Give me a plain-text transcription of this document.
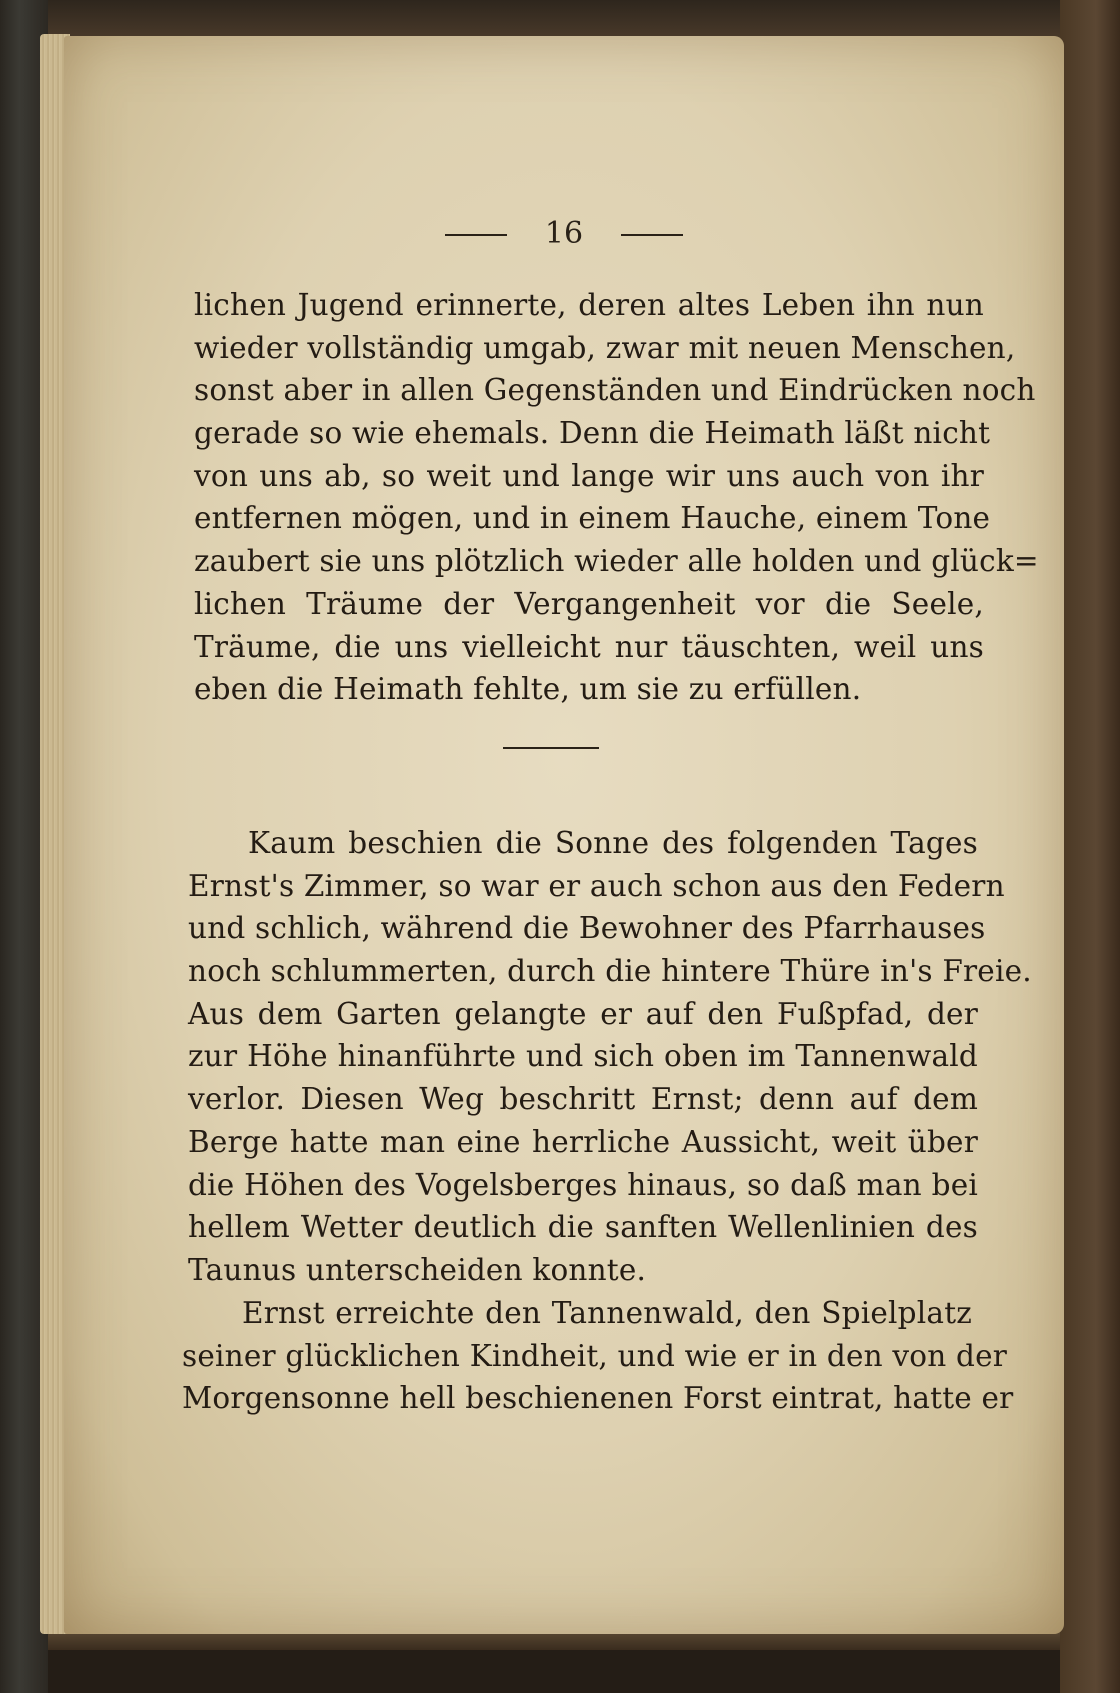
16
lichen Jugend erinnerte, deren altes Leben ihn nun
wieder vollständig umgab, zwar mit neuen Menschen,
sonst aber in allen Gegenständen und Eindrücken noch
gerade so wie ehemals. Denn die Heimath läßt nicht
von uns ab, so weit und lange wir uns auch von ihr
entfernen mögen, und in einem Hauche, einem Tone
zaubert sie uns plötzlich wieder alle holden und glück=
lichen Träume der Vergangenheit vor die Seele,
Träume, die uns vielleicht nur täuschten, weil uns
eben die Heimath fehlte, um sie zu erfüllen.
Kaum beschien die Sonne des folgenden Tages
Ernst's Zimmer, so war er auch schon aus den Federn
und schlich, während die Bewohner des Pfarrhauses
noch schlummerten, durch die hintere Thüre in's Freie.
Aus dem Garten gelangte er auf den Fußpfad, der
zur Höhe hinanführte und sich oben im Tannenwald
verlor. Diesen Weg beschritt Ernst; denn auf dem
Berge hatte man eine herrliche Aussicht, weit über
die Höhen des Vogelsberges hinaus, so daß man bei
hellem Wetter deutlich die sanften Wellenlinien des
Taunus unterscheiden konnte.
Ernst erreichte den Tannenwald, den Spielplatz
seiner glücklichen Kindheit, und wie er in den von der
Morgensonne hell beschienenen Forst eintrat, hatte er
